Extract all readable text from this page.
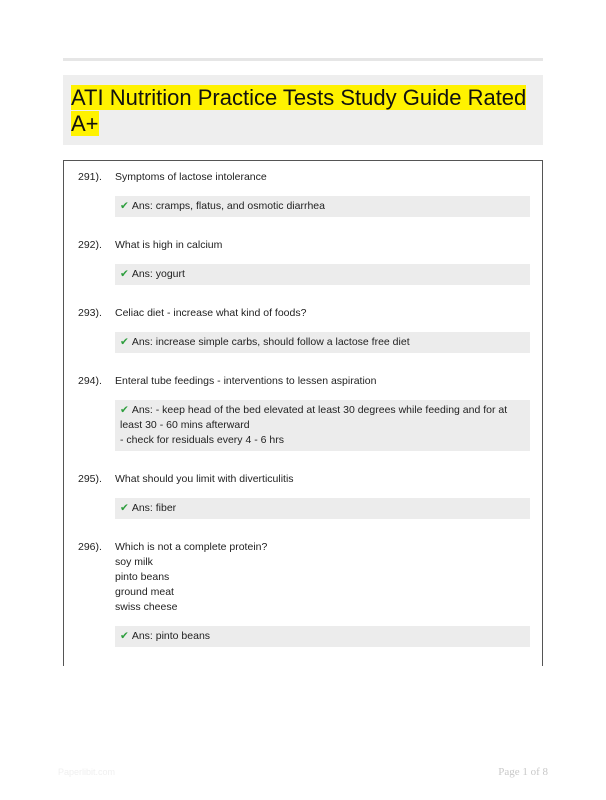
ATI Nutrition Practice Tests Study Guide Rated A+
291). Symptoms of lactose intolerance
✔ Ans: cramps, flatus, and osmotic diarrhea
292). What is high in calcium
✔ Ans: yogurt
293). Celiac diet - increase what kind of foods?
✔ Ans: increase simple carbs, should follow a lactose free diet
294). Enteral tube feedings - interventions to lessen aspiration
✔ Ans: - keep head of the bed elevated at least 30 degrees while feeding and for at
least 30 - 60 mins afterward
- check for residuals every 4 - 6 hrs
295). What should you limit with diverticulitis
✔ Ans: fiber
296). Which is not a complete protein?
soy milk
pinto beans
ground meat
swiss cheese
✔ Ans: pinto beans
Paperlibit.com	Page 1 of 8
